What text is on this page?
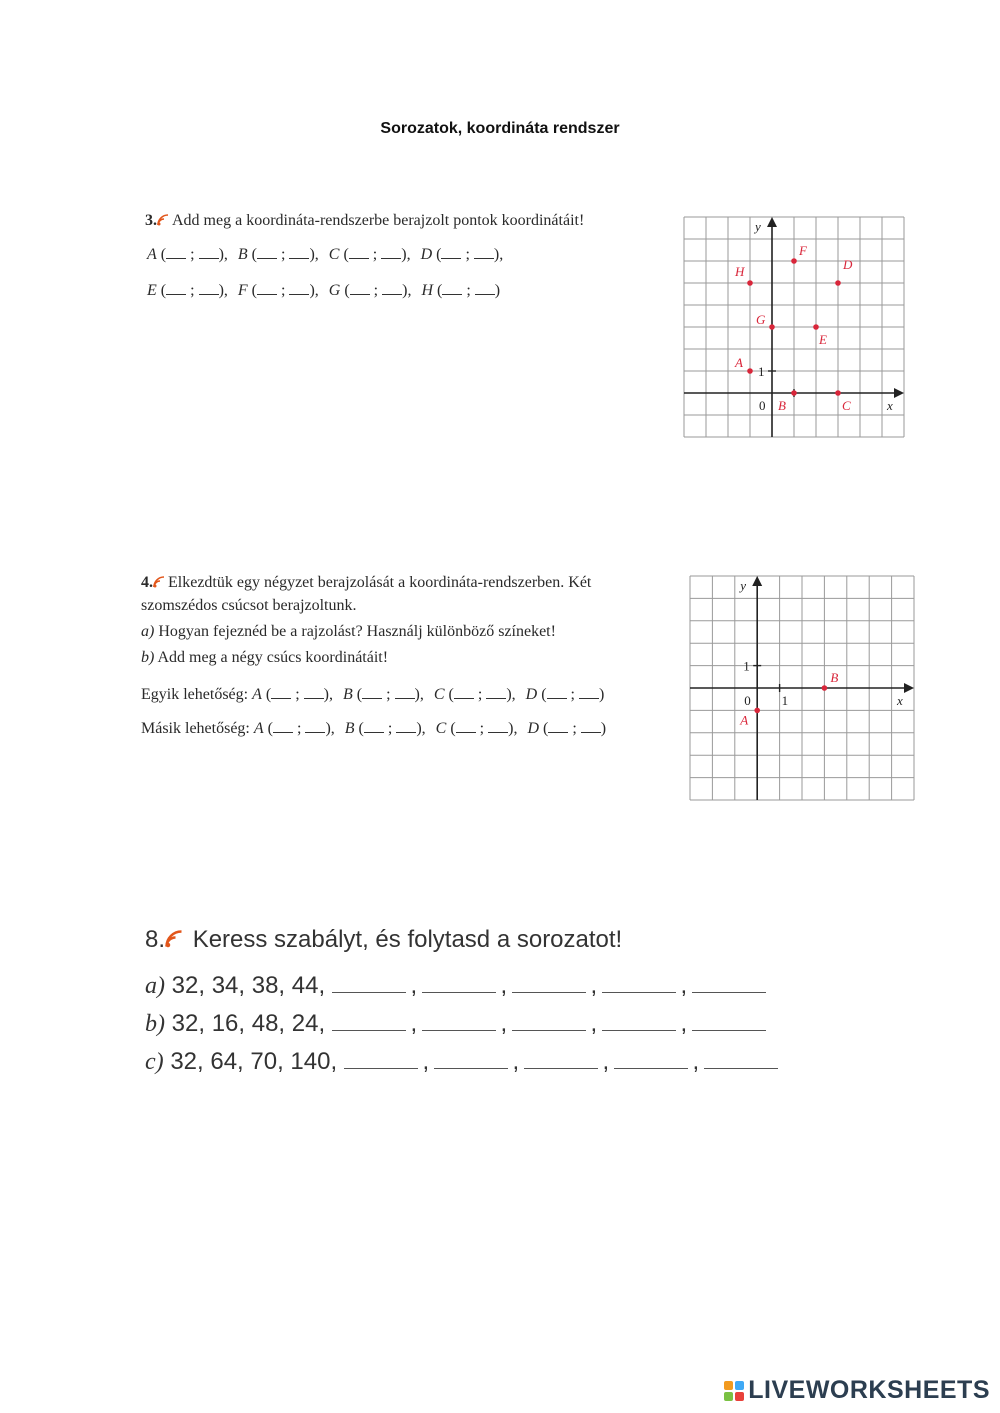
Sorozatok, koordináta rendszer
3. Add meg a koordináta-rendszerbe berajzolt pontok koordinátáit!
A ( ; ), B ( ; ), C ( ; ), D ( ; ),
E ( ; ), F ( ; ), G ( ; ), H ( ; )
x
y
0
1
A
B	C
D
E
F
G
H
4. Elkezdtük egy négyzet berajzolását a koordináta-rendszerben. Két
szomszédos csúcsot berajzoltunk.
a) Hogyan fejeznéd be a rajzolást? Használj különböző színeket!
b) Add meg a négy csúcs koordinátáit!
Egyik lehetőség: A ( ; ), B ( ; ), C ( ; ), D ( ; )
Másik lehetőség: A ( ; ), B ( ; ), C ( ; ), D ( ; )
x
y
0
1
1
A
B
8. Keress szabályt, és folytasd a sorozatot!
a) 32, 34, 38, 44,	,	,	,	,
b) 32, 16, 48, 24,	,	,	,	,
c) 32, 64, 70, 140,	,	,	,	,
LIVEWORKSHEETS
